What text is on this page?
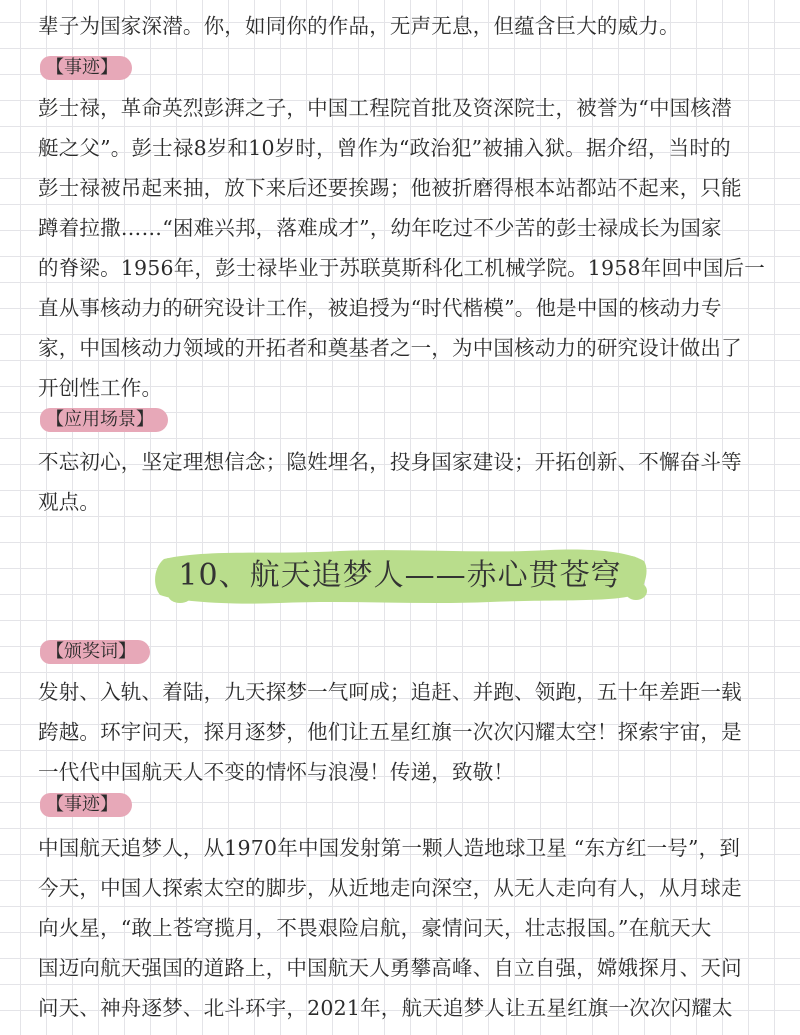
辈子为国家深潜。你，如同你的作品，无声无息，但蕴含巨大的威力。
【事迹】
彭士禄，革命英烈彭湃之子，中国工程院首批及资深院士，被誉为“中国核潜
艇之父”。彭士禄8岁和10岁时，曾作为“政治犯”被捕入狱。据介绍，当时的
彭士禄被吊起来抽，放下来后还要挨踢；他被折磨得根本站都站不起来，只能
蹲着拉撒……“困难兴邦，落难成才”，幼年吃过不少苦的彭士禄成长为国家
的脊梁。1956年，彭士禄毕业于苏联莫斯科化工机械学院。1958年回中国后一
直从事核动力的研究设计工作，被追授为“时代楷模”。他是中国的核动力专
家，中国核动力领域的开拓者和奠基者之一，为中国核动力的研究设计做出了
开创性工作。
【应用场景】
不忘初心，坚定理想信念；隐姓埋名，投身国家建设；开拓创新、不懈奋斗等
观点。
10、航天追梦人——赤心贯苍穹
【颁奖词】
发射、入轨、着陆，九天探梦一气呵成；追赶、并跑、领跑，五十年差距一载
跨越。环宇问天，探月逐梦，他们让五星红旗一次次闪耀太空！探索宇宙，是
一代代中国航天人不变的情怀与浪漫！传递，致敬！
【事迹】
中国航天追梦人，从1970年中国发射第一颗人造地球卫星 “东方红一号”，到
今天，中国人探索太空的脚步，从近地走向深空，从无人走向有人，从月球走
向火星，“敢上苍穹揽月，不畏艰险启航，豪情问天，壮志报国。”在航天大
国迈向航天强国的道路上，中国航天人勇攀高峰、自立自强，嫦娥探月、天问
问天、神舟逐梦、北斗环宇，2021年，航天追梦人让五星红旗一次次闪耀太
